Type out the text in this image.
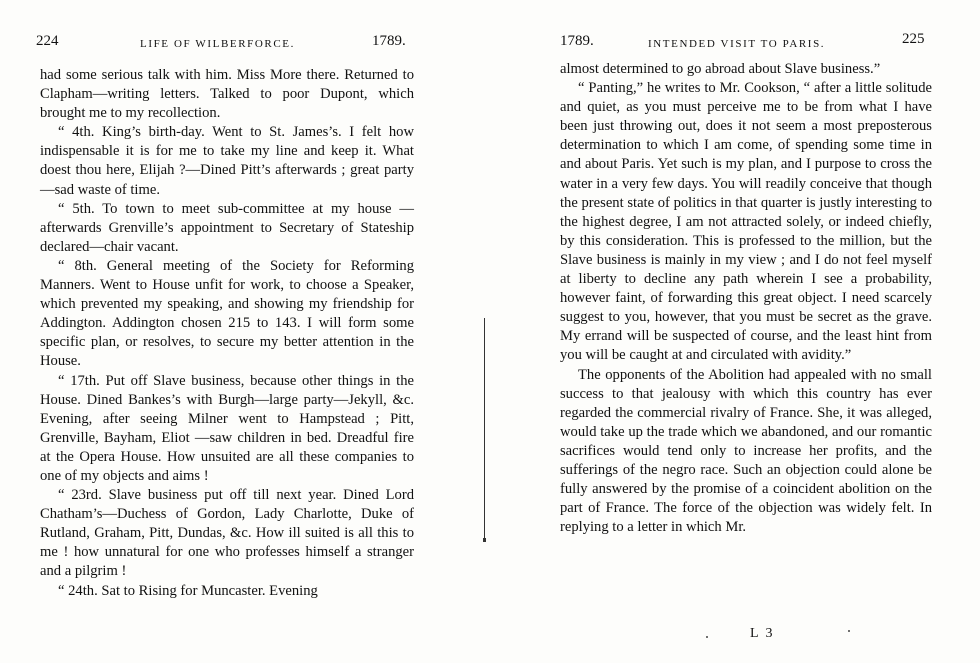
224	LIFE OF WILBERFORCE.	1789.

had some serious talk with him. Miss More there. Returned to Clapham—writing letters. Talked to poor Dupont, which brought me to my recollection.

“ 4th. King’s birth-day. Went to St. James’s. I felt how indispensable it is for me to take my line and keep it. What doest thou here, Elijah ?—Dined Pitt’s afterwards ; great party—sad waste of time.

“ 5th. To town to meet sub-committee at my house —afterwards Grenville’s appointment to Secretary of Stateship declared—chair vacant.

“ 8th. General meeting of the Society for Reforming Manners. Went to House unfit for work, to choose a Speaker, which prevented my speaking, and showing my friendship for Addington. Addington chosen 215 to 143. I will form some specific plan, or resolves, to secure my better attention in the House.

“ 17th. Put off Slave business, because other things in the House. Dined Bankes’s with Burgh—large party—Jekyll, &c. Evening, after seeing Milner went to Hampstead ; Pitt, Grenville, Bayham, Eliot —saw children in bed. Dreadful fire at the Opera House. How unsuited are all these companies to one of my objects and aims !

“ 23rd. Slave business put off till next year. Dined Lord Chatham’s—Duchess of Gordon, Lady Charlotte, Duke of Rutland, Graham, Pitt, Dundas, &c. How ill suited is all this to me ! how unnatural for one who professes himself a stranger and a pilgrim !

“ 24th. Sat to Rising for Muncaster. Evening

1789.	INTENDED VISIT TO PARIS.	225

almost determined to go abroad about Slave business.”

“ Panting,” he writes to Mr. Cookson, “ after a little solitude and quiet, as you must perceive me to be from what I have been just throwing out, does it not seem a most preposterous determination to which I am come, of spending some time in and about Paris. Yet such is my plan, and I purpose to cross the water in a very few days. You will readily conceive that though the present state of politics in that quarter is justly interesting to the highest degree, I am not attracted solely, or indeed chiefly, by this consideration. This is professed to the million, but the Slave business is mainly in my view ; and I do not feel myself at liberty to decline any path wherein I see a probability, however faint, of forwarding this great object. I need scarcely suggest to you, however, that you must be secret as the grave. My errand will be suspected of course, and the least hint from you will be caught at and circulated with avidity.”

The opponents of the Abolition had appealed with no small success to that jealousy with which this country has ever regarded the commercial rivalry of France. She, it was alleged, would take up the trade which we abandoned, and our romantic sacrifices would tend only to increase her profits, and the sufferings of the negro race. Such an objection could alone be fully answered by the promise of a coincident abolition on the part of France. The force of the objection was widely felt. In replying to a letter in which Mr.

L 3
